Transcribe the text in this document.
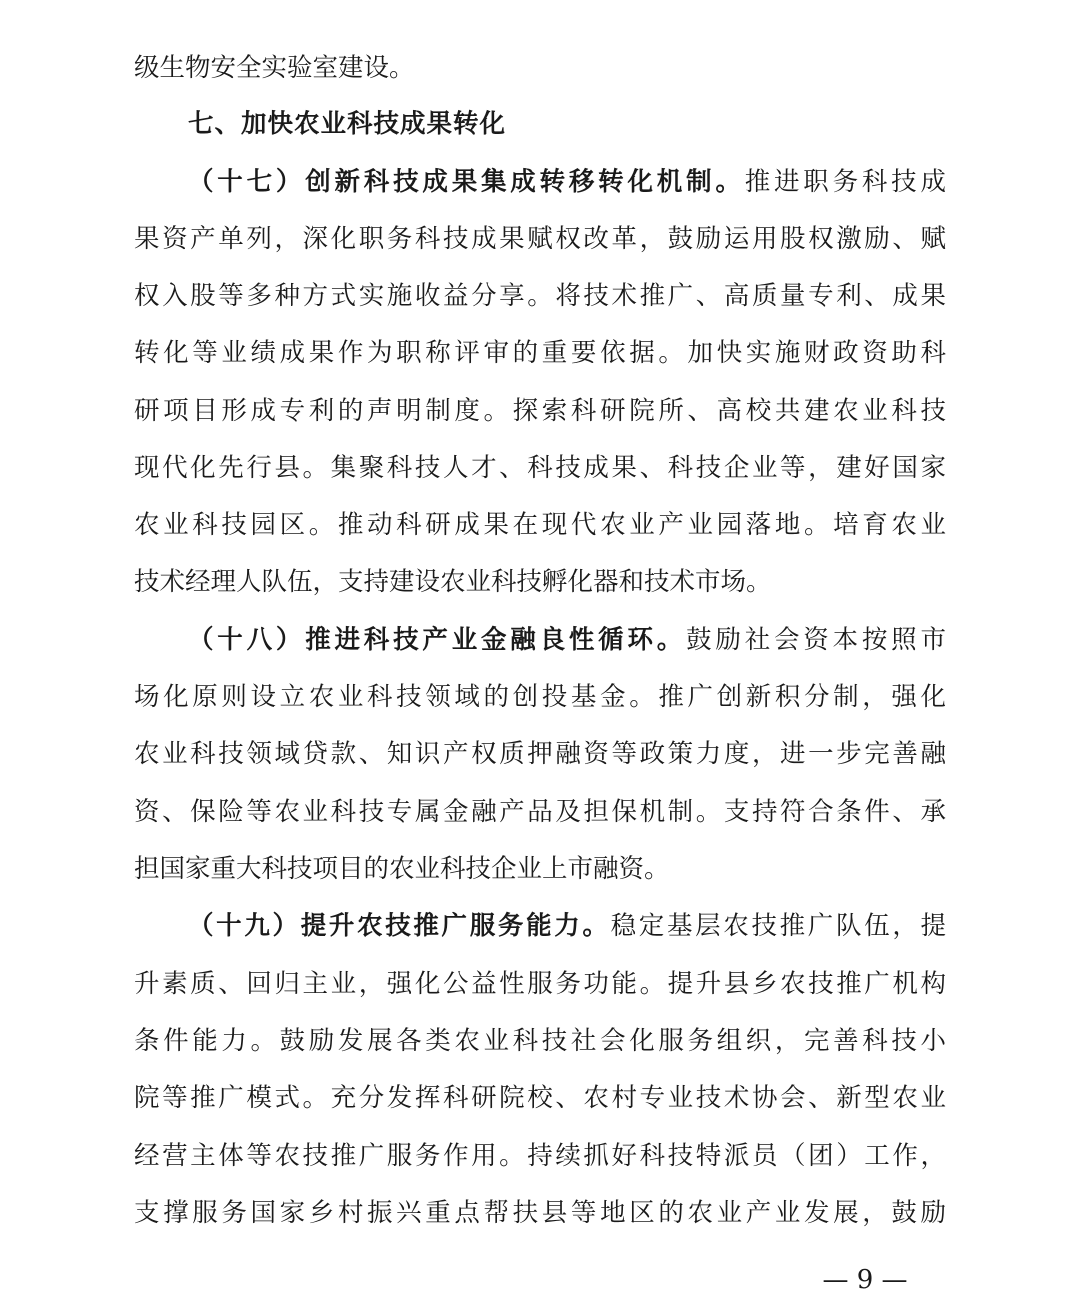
级生物安全实验室建设。
七、加快农业科技成果转化
（十七）创新科技成果集成转移转化机制。推进职务科技成
果资产单列，深化职务科技成果赋权改革，鼓励运用股权激励、赋
权入股等多种方式实施收益分享。将技术推广、高质量专利、成果
转化等业绩成果作为职称评审的重要依据。加快实施财政资助科
研项目形成专利的声明制度。探索科研院所、高校共建农业科技
现代化先行县。集聚科技人才、科技成果、科技企业等，建好国家
农业科技园区。推动科研成果在现代农业产业园落地。培育农业
技术经理人队伍，支持建设农业科技孵化器和技术市场。
（十八）推进科技产业金融良性循环。鼓励社会资本按照市
场化原则设立农业科技领域的创投基金。推广创新积分制，强化
农业科技领域贷款、知识产权质押融资等政策力度，进一步完善融
资、保险等农业科技专属金融产品及担保机制。支持符合条件、承
担国家重大科技项目的农业科技企业上市融资。
（十九）提升农技推广服务能力。稳定基层农技推广队伍，提
升素质、回归主业，强化公益性服务功能。提升县乡农技推广机构
条件能力。鼓励发展各类农业科技社会化服务组织，完善科技小
院等推广模式。充分发挥科研院校、农村专业技术协会、新型农业
经营主体等农技推广服务作用。持续抓好科技特派员（团）工作，
支撑服务国家乡村振兴重点帮扶县等地区的农业产业发展，鼓励
— 9 —
